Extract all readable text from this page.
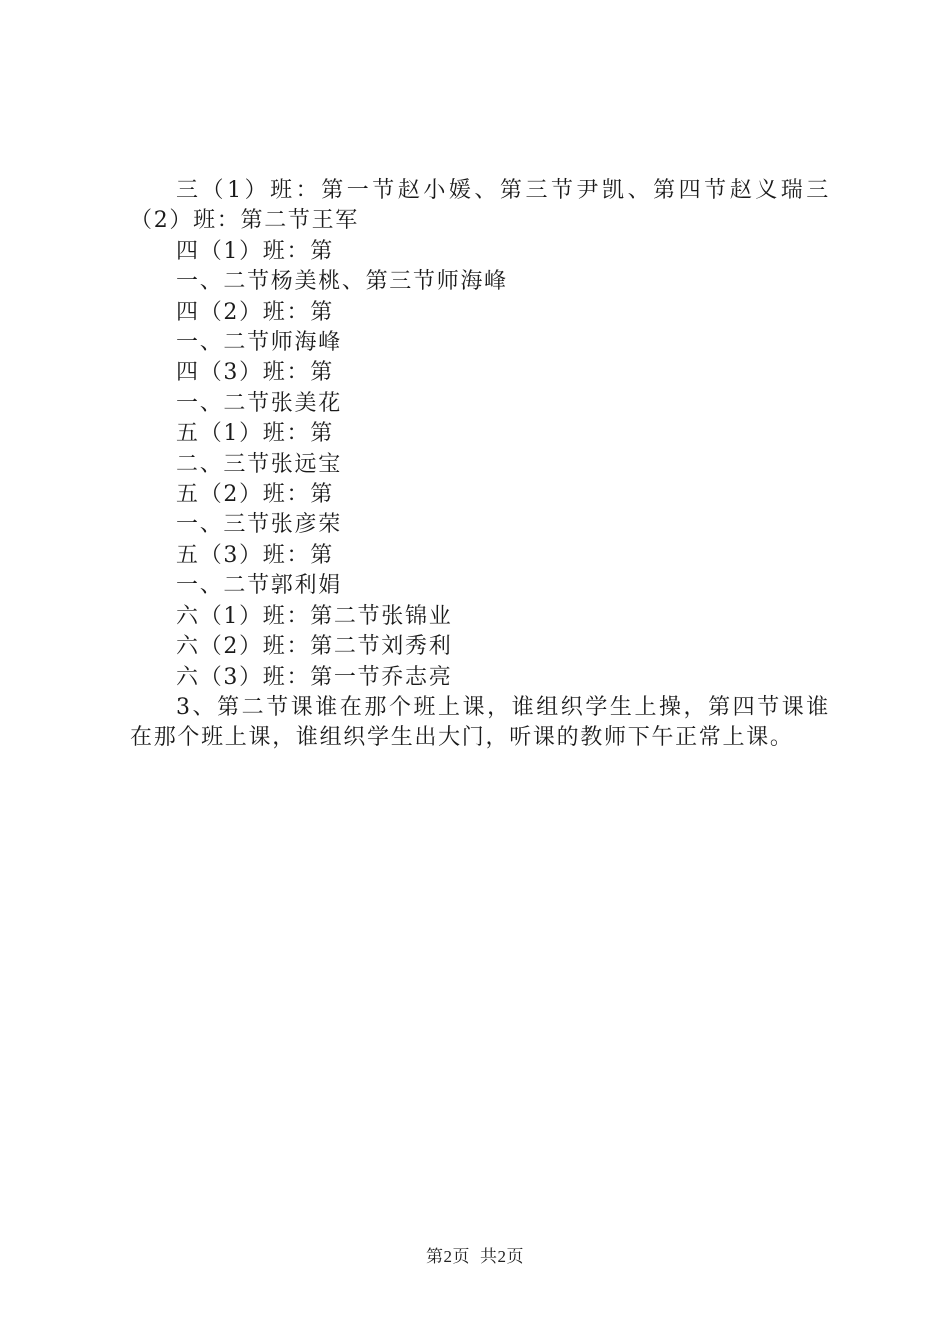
三（1）班：第一节赵小媛、第三节尹凯、第四节赵义瑞三（2）班：第二节王军

四（1）班：第

一、二节杨美桃、第三节师海峰

四（2）班：第

一、二节师海峰

四（3）班：第

一、二节张美花

五（1）班：第

二、三节张远宝

五（2）班：第

一、三节张彦荣

五（3）班：第

一、二节郭利娟

六（1）班：第二节张锦业

六（2）班：第二节刘秀利

六（3）班：第一节乔志亮

3、第二节课谁在那个班上课，谁组织学生上操，第四节课谁在那个班上课，谁组织学生出大门，听课的教师下午正常上课。

第2页 共2页
